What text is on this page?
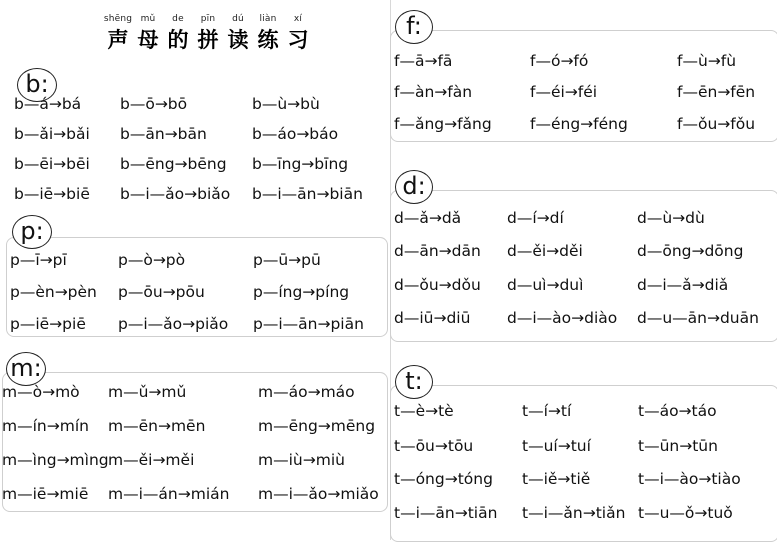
shēng mǔ	de	pīn	dú	liàn	xí
声 母 的 拼 读 练 习
b:
b—á→bá	b—ō→bō	b—ù→bù
b—ǎi→bǎi b—ān→bān	b—áo→báo
b—ēi→bēi b—ēng→bēng b—īng→bīng
b—iē→biē b—i—ǎo→biǎo b—i—ān→biān
p:
p—ī→pī	p—ò→pò	p—ū→pū
p—èn→pèn p—ōu→pōu	p—íng→píng
p—iē→piē p—i—ǎo→piǎo p—i—ān→piān
m:
m—ò→mò m—ǔ→mǔ	m—áo→máo
m—ín→mín m—ēn→mēn	m—ēng→mēng
m—ìng→mìng m—ěi→měi	m—iù→miù
m—iē→miē m—i—án→mián m—i—ǎo→miǎo
f:
f—ā→fā	f—ó→fó	f—ù→fù
f—àn→fàn	f—éi→féi	f—ēn→fēn
f—ǎng→fǎng f—éng→féng	f—ǒu→fǒu
d:
d—ǎ→dǎ	d—í→dí	d—ù→dù
d—ān→dān d—ěi→děi	d—ōng→dōng
d—ǒu→dǒu d—uì→duì	d—i—ǎ→diǎ
d—iū→diū d—i—ào→diào d—u—ān→duān
t:
t—è→tè	t—í→tí	t—áo→táo
t—ōu→tōu	t—uí→tuí	t—ūn→tūn
t—óng→tóng t—iě→tiě	t—i—ào→tiào
t—i—ān→tiān t—i—ǎn→tiǎn t—u—ǒ→tuǒ
